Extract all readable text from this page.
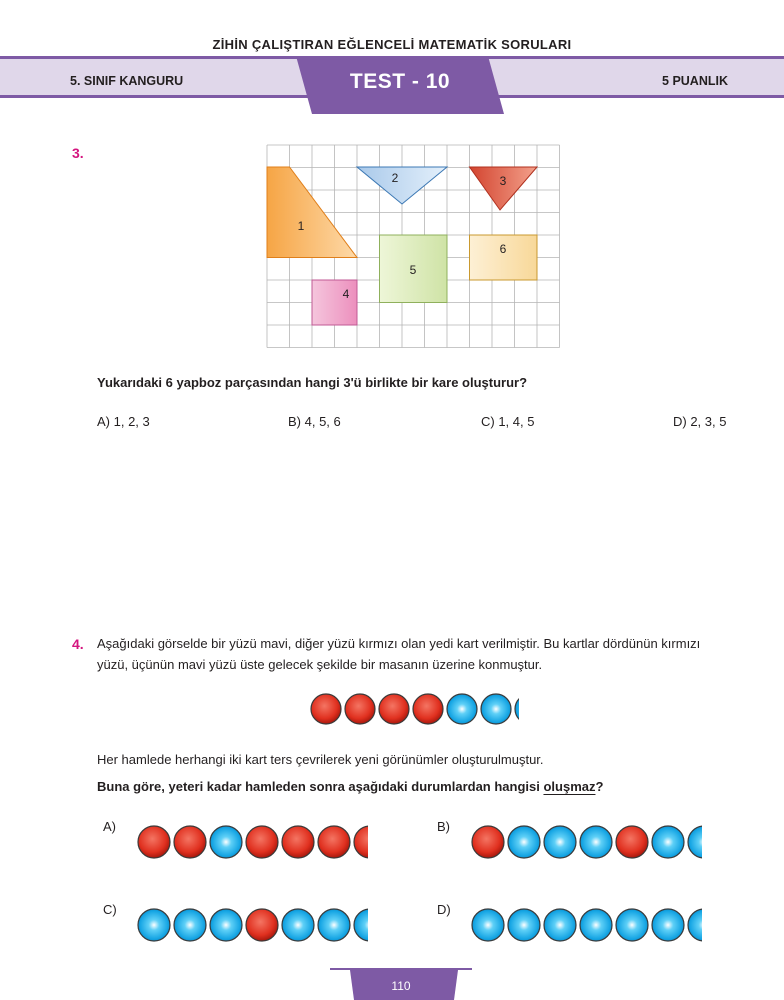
ZİHİN ÇALIŞTIRAN EĞLENCELİ MATEMATİK SORULARI
5. SINIF KANGURU	5 PUANLIK
TEST - 10
3.
1
2	3
4
5
6
Yukarıdaki 6 yapboz parçasından hangi 3'ü birlikte bir kare oluşturur?
A) 1, 2, 3	B) 4, 5, 6	C) 1, 4, 5	D) 2, 3, 5
4. Aşağıdaki görselde bir yüzü mavi, diğer yüzü kırmızı olan yedi kart verilmiştir. Bu kartlar dördünün kırmızı
yüzü, üçünün mavi yüzü üste gelecek şekilde bir masanın üzerine konmuştur.
Her hamlede herhangi iki kart ters çevrilerek yeni görünümler oluşturulmuştur.
Buna göre, yeteri kadar hamleden sonra aşağıdaki durumlardan hangisi oluşmaz?
A)	B)
C)	D)
110
